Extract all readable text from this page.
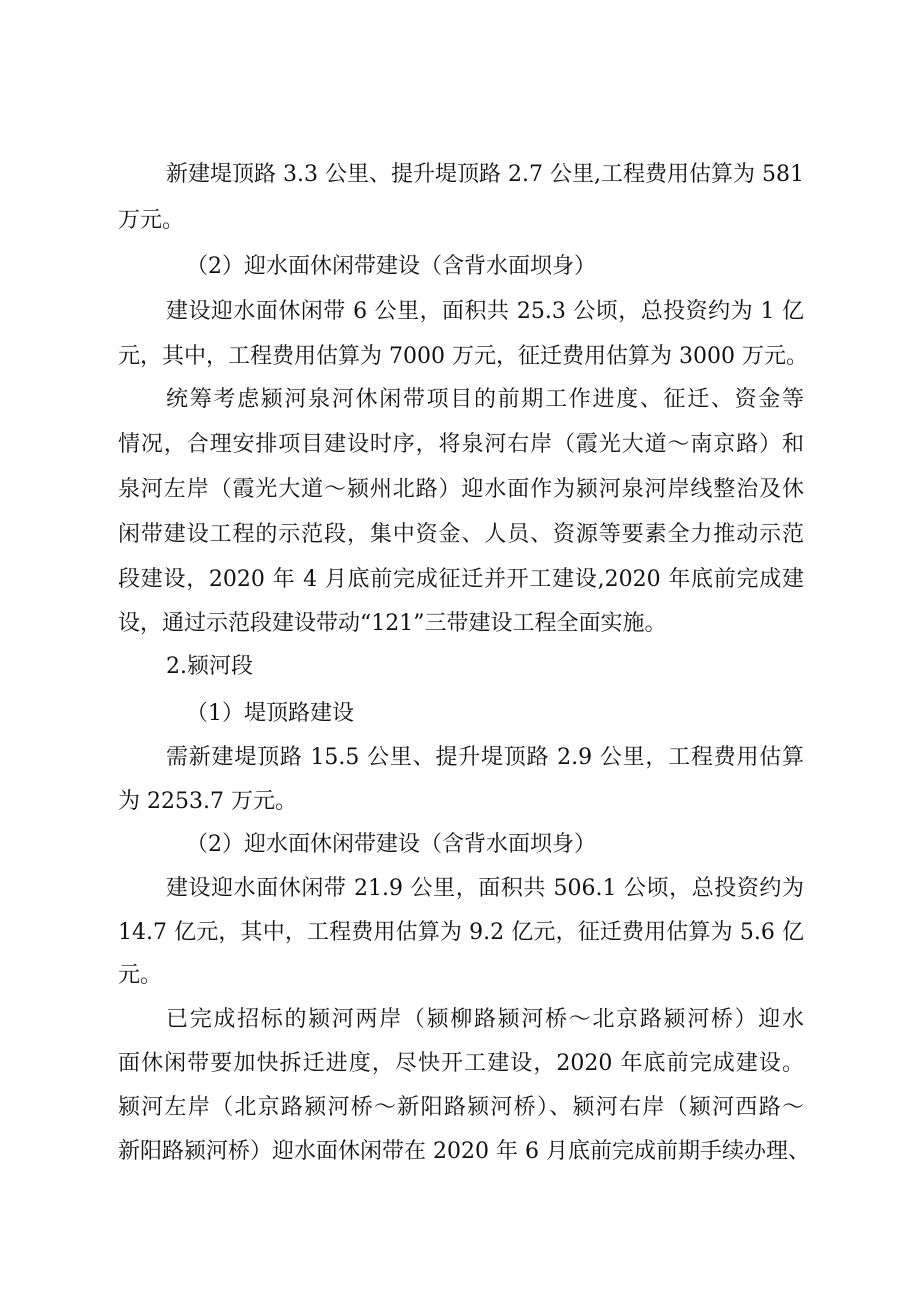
新建堤顶路 3.3 公里、提升堤顶路 2.7 公里,工程费用估算为 581
万元。
（2）迎水面休闲带建设（含背水面坝身）
建设迎水面休闲带 6 公里，面积共 25.3 公顷，总投资约为 1 亿
元，其中，工程费用估算为 7000 万元，征迁费用估算为 3000 万元。
统筹考虑颍河泉河休闲带项目的前期工作进度、征迁、资金等
情况，合理安排项目建设时序，将泉河右岸（霞光大道～南京路）和
泉河左岸（霞光大道～颍州北路）迎水面作为颍河泉河岸线整治及休
闲带建设工程的示范段，集中资金、人员、资源等要素全力推动示范
段建设，2020 年 4 月底前完成征迁并开工建设,2020 年底前完成建
设，通过示范段建设带动“121”三带建设工程全面实施。
2.颍河段
（1）堤顶路建设
需新建堤顶路 15.5 公里、提升堤顶路 2.9 公里，工程费用估算
为 2253.7 万元。
（2）迎水面休闲带建设（含背水面坝身）
建设迎水面休闲带 21.9 公里，面积共 506.1 公顷，总投资约为
14.7 亿元，其中，工程费用估算为 9.2 亿元，征迁费用估算为 5.6 亿
元。
已完成招标的颍河两岸（颍柳路颍河桥～北京路颍河桥）迎水
面休闲带要加快拆迁进度，尽快开工建设，2020 年底前完成建设。
颍河左岸（北京路颍河桥～新阳路颍河桥）、颍河右岸（颍河西路～
新阳路颍河桥）迎水面休闲带在 2020 年 6 月底前完成前期手续办理、
